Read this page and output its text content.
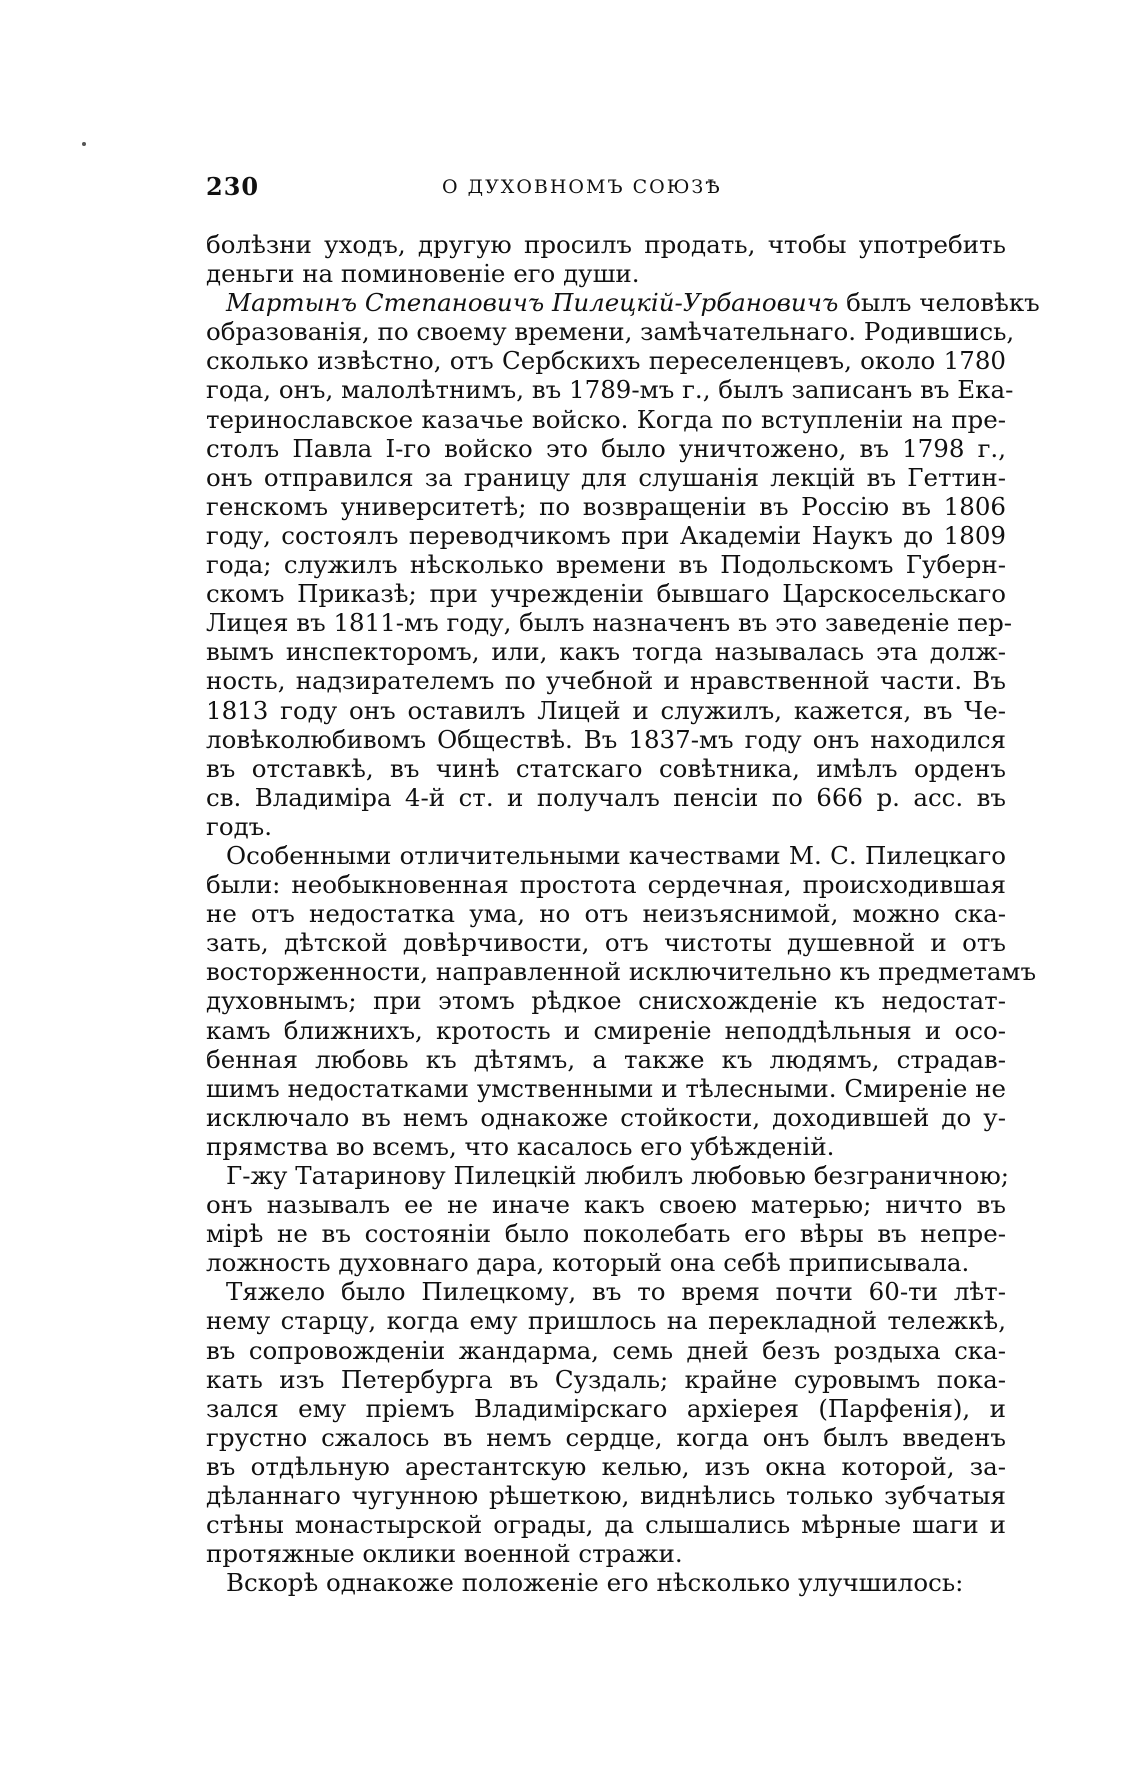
230	О ДУХОВНОМЪ СОЮЗѢ
болѣзни уходъ, другую просилъ продать, чтобы употребить
деньги на поминовеніе его души.
Мартынъ Степановичъ Пилецкій-Урбановичъ былъ человѣкъ
образованія, по своему времени, замѣчательнаго. Родившись,
сколько извѣстно, отъ Сербскихъ переселенцевъ, около 1780
года, онъ, малолѣтнимъ, въ 1789-мъ г., былъ записанъ въ Ека-
теринославское казачье войско. Когда по вступленіи на пре-
столъ Павла І-го войско это было уничтожено, въ 1798 г.,
онъ отправился за границу для слушанія лекцій въ Геттин-
генскомъ университетѣ; по возвращеніи въ Россію въ 1806
году, состоялъ переводчикомъ при Академіи Наукъ до 1809
года; служилъ нѣсколько времени въ Подольскомъ Губерн-
скомъ Приказѣ; при учрежденіи бывшаго Царскосельскаго
Лицея въ 1811-мъ году, былъ назначенъ въ это заведеніе пер-
вымъ инспекторомъ, или, какъ тогда называлась эта долж-
ность, надзирателемъ по учебной и нравственной части. Въ
1813 году онъ оставилъ Лицей и служилъ, кажется, въ Че-
ловѣколюбивомъ Обществѣ. Въ 1837-мъ году онъ находился
въ отставкѣ, въ чинѣ статскаго совѣтника, имѣлъ орденъ
св. Владиміра 4-й ст. и получалъ пенсіи по 666 р. асс. въ
годъ.
Особенными отличительными качествами М. С. Пилецкаго
были: необыкновенная простота сердечная, происходившая
не отъ недостатка ума, но отъ неизъяснимой, можно ска-
зать, дѣтской довѣрчивости, отъ чистоты душевной и отъ
восторженности, направленной исключительно къ предметамъ
духовнымъ; при этомъ рѣдкое снисхожденіе къ недостат-
камъ ближнихъ, кротость и смиреніе неподдѣльныя и осо-
бенная любовь къ дѣтямъ, а также къ людямъ, страдав-
шимъ недостатками умственными и тѣлесными. Смиреніе не
исключало въ немъ однакоже стойкости, доходившей до у-
прямства во всемъ, что касалось его убѣжденій.
Г-жу Татаринову Пилецкій любилъ любовью безграничною;
онъ называлъ ее не иначе какъ своею матерью; ничто въ
мірѣ не въ состояніи было поколебать его вѣры въ непре-
ложность духовнаго дара, который она себѣ приписывала.
Тяжело было Пилецкому, въ то время почти 60-ти лѣт-
нему старцу, когда ему пришлось на перекладной тележкѣ,
въ сопровожденіи жандарма, семь дней безъ роздыха ска-
кать изъ Петербурга въ Суздаль; крайне суровымъ пока-
зался ему пріемъ Владимірскаго архіерея (Парфенія), и
грустно сжалось въ немъ сердце, когда онъ былъ введенъ
въ отдѣльную арестантскую келью, изъ окна которой, за-
дѣланнаго чугунною рѣшеткою, виднѣлись только зубчатыя
стѣны монастырской ограды, да слышались мѣрные шаги и
протяжные оклики военной стражи.
Вскорѣ однакоже положеніе его нѣсколько улучшилось:
